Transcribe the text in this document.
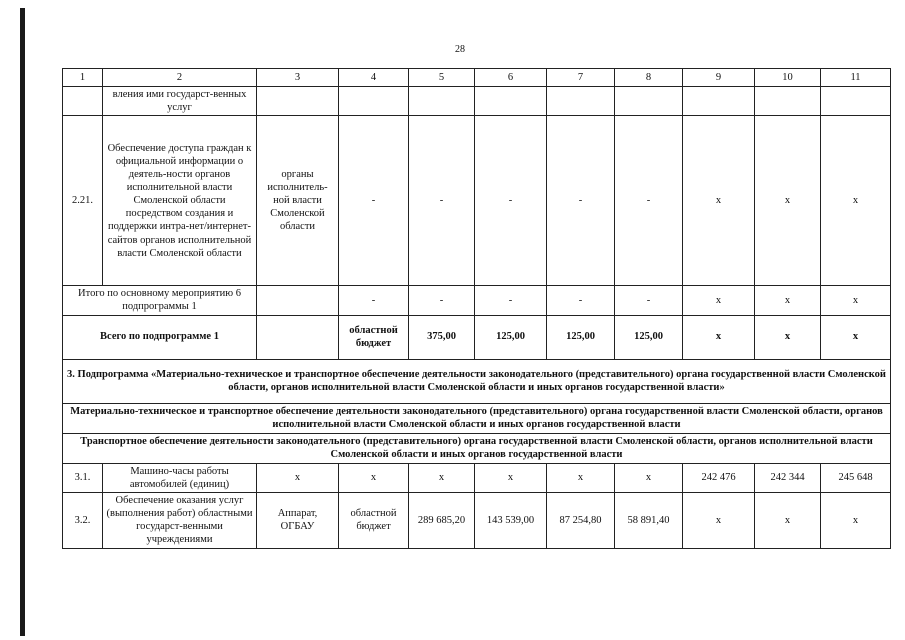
28
1	2	3	4	5	6	7	8	9	10	11
	вления ими государст-венных услуг									
2.21.	Обеспечение доступа граждан к официальной информации о деятель-ности органов исполнительной власти Смоленской области посредством создания и поддержки интра-нет/интернет-сайтов органов исполнительной власти Смоленской области	органы исполнитель-ной власти Смоленской области	-	-	-	-	-	х	х	х
Итого по основному мероприятию 6 подпрограммы 1			-	-	-	-	-	х	х	х
Всего по подпрограмме 1			областной бюджет	375,00	125,00	125,00	125,00	х	х	х
3. Подпрограмма «Материально-техническое и транспортное обеспечение деятельности законодательного (представительного) органа государственной власти Смоленской области, органов исполнительной власти Смоленской области и иных органов государственной власти»										
Материально-техническое и транспортное обеспечение деятельности законодательного (представительного) органа государственной власти Смоленской области, органов исполнительной власти Смоленской области и иных органов государственной власти										
Транспортное обеспечение деятельности законодательного (представительного) органа государственной власти Смоленской области, органов исполнительной власти Смоленской области и иных органов государственной власти										
3.1.	Машино-часы работы автомобилей (единиц)	х	х	х	х	х	х	242 476	242 344	245 648
3.2.	Обеспечение оказания услуг (выполнения работ) областными государст-венными учреждениями	Аппарат, ОГБАУ	областной бюджет	289 685,20	143 539,00	87 254,80	58 891,40	х	х	х
